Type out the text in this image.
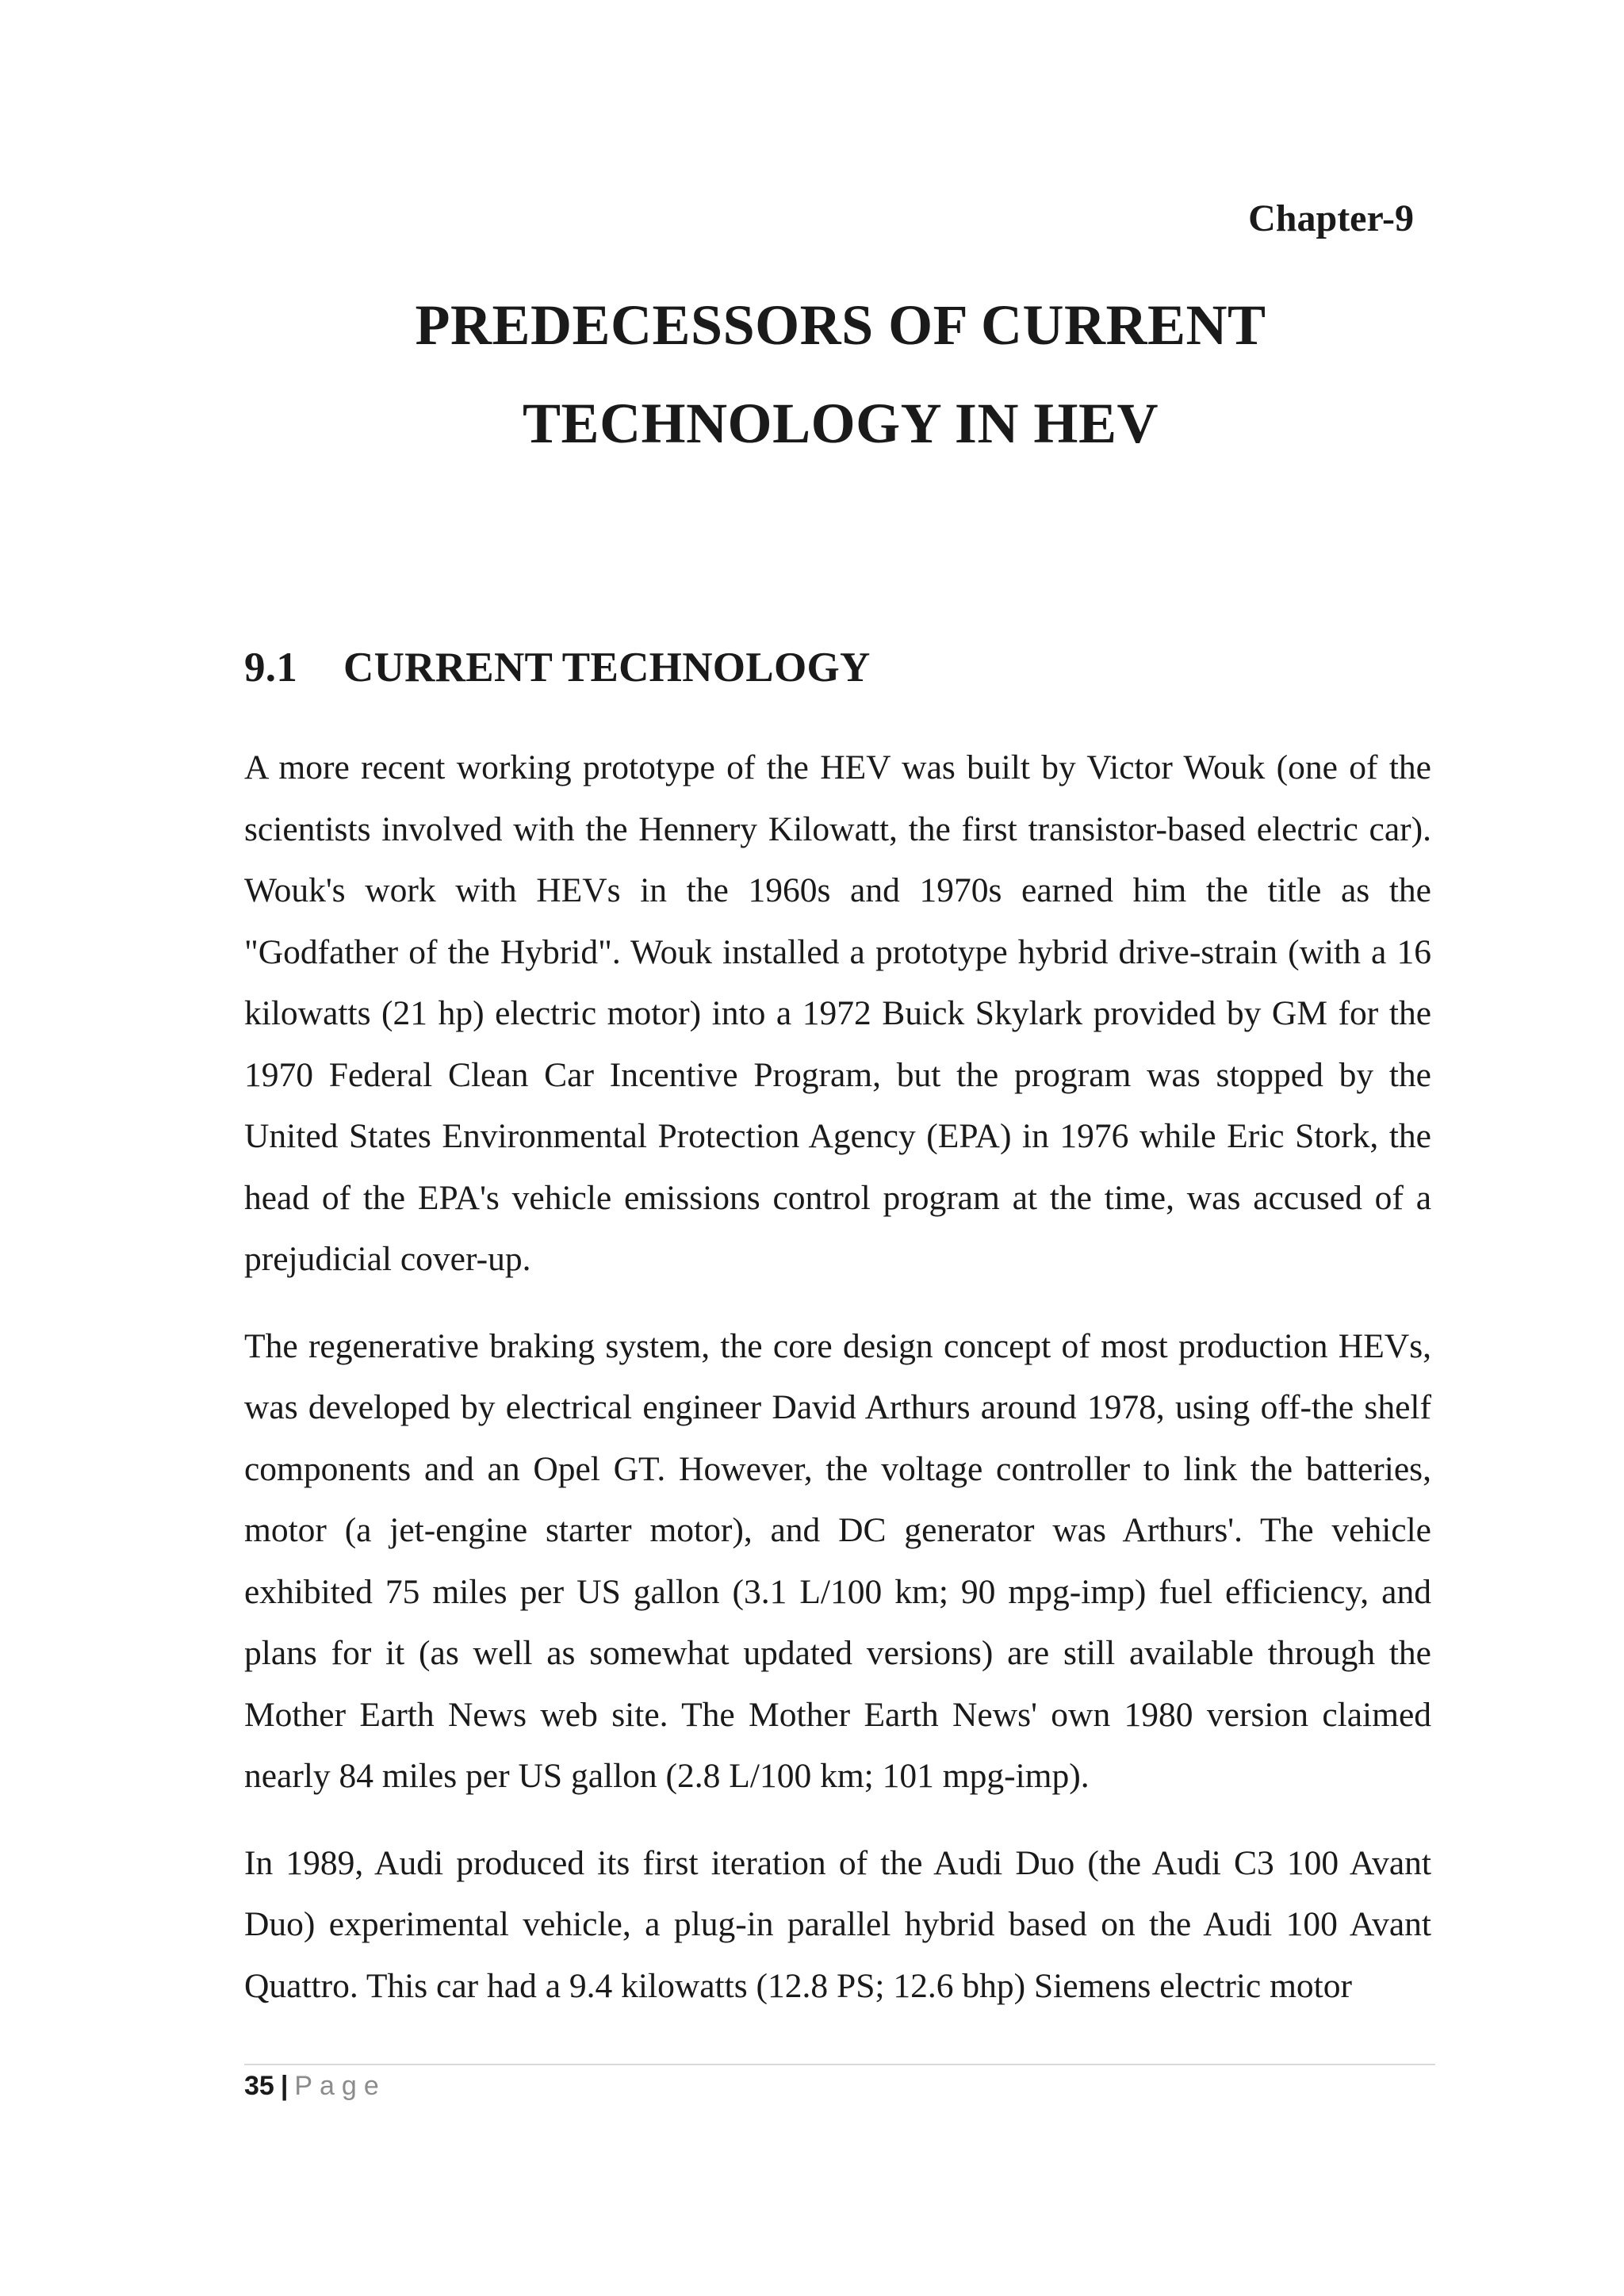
Chapter-9

PREDECESSORS OF CURRENT
TECHNOLOGY IN HEV
9.1 CURRENT TECHNOLOGY

A more recent working prototype of the HEV was built by Victor Wouk (one of the scientists involved with the Hennery Kilowatt, the first transistor-based electric car). Wouk's work with HEVs in the 1960s and 1970s earned him the title as the "Godfather of the Hybrid". Wouk installed a prototype hybrid drive-strain (with a 16 kilowatts (21 hp) electric motor) into a 1972 Buick Skylark provided by GM for the 1970 Federal Clean Car Incentive Program, but the program was stopped by the United States Environmental Protection Agency (EPA) in 1976 while Eric Stork, the head of the EPA's vehicle emissions control program at the time, was accused of a prejudicial cover-up.

The regenerative braking system, the core design concept of most production HEVs, was developed by electrical engineer David Arthurs around 1978, using off-the shelf components and an Opel GT. However, the voltage controller to link the batteries, motor (a jet-engine starter motor), and DC generator was Arthurs'. The vehicle exhibited 75 miles per US gallon (3.1 L/100 km; 90 mpg-imp) fuel efficiency, and plans for it (as well as somewhat updated versions) are still available through the Mother Earth News web site. The Mother Earth News' own 1980 version claimed nearly 84 miles per US gallon (2.8 L/100 km; 101 mpg-imp).

In 1989, Audi produced its first iteration of the Audi Duo (the Audi C3 100 Avant Duo) experimental vehicle, a plug-in parallel hybrid based on the Audi 100 Avant Quattro. This car had a 9.4 kilowatts (12.8 PS; 12.6 bhp) Siemens electric motor

35 | Page
